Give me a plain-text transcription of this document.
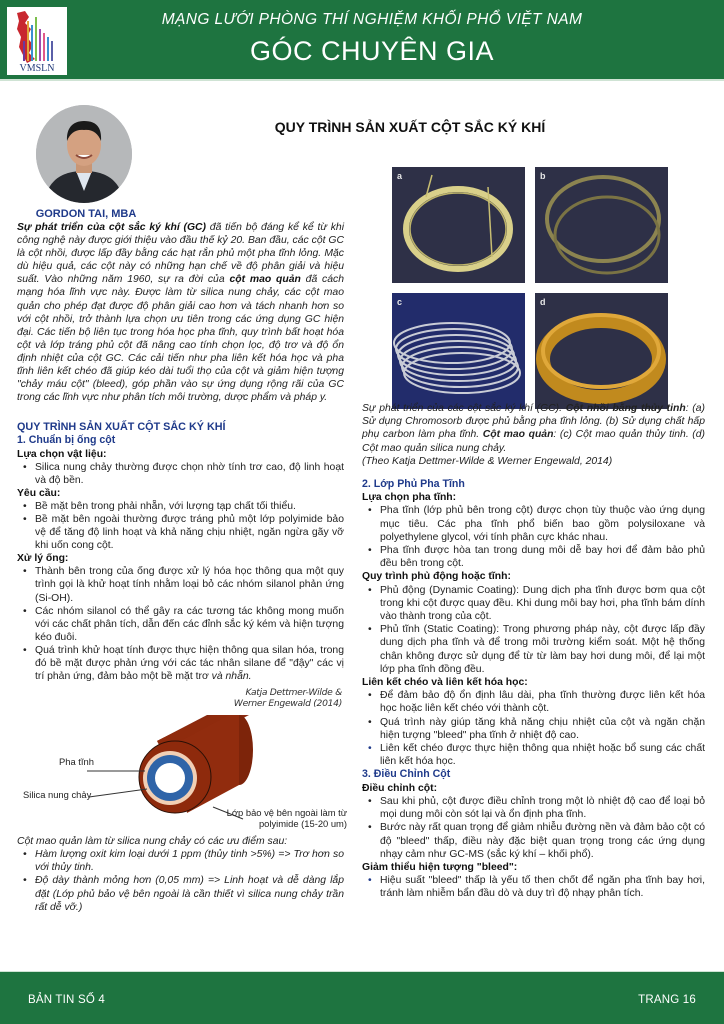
VMSLN
MẠNG LƯỚI PHÒNG THÍ NGHIỆM KHỐI PHỔ VIỆT NAM
GÓC CHUYÊN GIA
GORDON TAI, MBA
QUY TRÌNH SẢN XUẤT CỘT SẮC KÝ KHÍ
a	b
c	d

Sự phát triển của cột sắc ký khí (GC) đã tiến bộ đáng kể kể từ khi công nghệ này được giới thiệu vào đầu thế kỷ 20. Ban đầu, các cột GC là cột nhồi, được lấp đầy bằng các hạt rắn phủ một pha tĩnh lỏng. Mặc dù hiệu quả, các cột này có những hạn chế về độ phân giải và hiệu suất. Vào những năm 1960, sự ra đời của cột mao quản đã cách mạng hóa lĩnh vực này. Được làm từ silica nung chảy, các cột mao quản cho phép đạt được độ phân giải cao hơn và tách nhanh hơn so với cột nhồi, trở thành lựa chọn ưu tiên trong các ứng dụng GC hiện đại. Các tiến bộ liên tục trong hóa học pha tĩnh, quy trình bất hoạt hóa cột và lớp tráng phủ cột đã nâng cao tính chọn lọc, độ trơ và độ ổn định nhiệt của cột GC. Các cải tiến như pha liên kết hóa học và pha tĩnh liên kết chéo đã giúp kéo dài tuổi thọ của cột và giảm hiện tượng "chảy máu cột" (bleed), góp phần vào sự ứng dụng rộng rãi của GC trong các lĩnh vực như phân tích môi trường, dược phẩm và pháp y.

QUY TRÌNH SẢN XUẤT CỘT SẮC KÝ KHÍ
1. Chuẩn bị ống cột
Lựa chọn vật liệu:
• Silica nung chảy thường được chọn nhờ tính trơ cao, độ linh hoạt và độ bền.
Yêu cầu:
• Bề mặt bên trong phải nhẵn, với lượng tạp chất tối thiểu.
• Bề mặt bên ngoài thường được tráng phủ một lớp polyimide bảo vệ để tăng độ linh hoạt và khả năng chịu nhiệt, ngăn ngừa gãy vỡ khi uốn cong cột.
Xử lý ống:
• Thành bên trong của ống được xử lý hóa học thông qua một quy trình gọi là khử hoạt tính nhằm loại bỏ các nhóm silanol phản ứng (Si-OH).
• Các nhóm silanol có thể gây ra các tương tác không mong muốn với các chất phân tích, dẫn đến các đỉnh sắc ký kém và hiện tượng kéo đuôi.
• Quá trình khử hoạt tính được thực hiện thông qua silan hóa, trong đó bề mặt được phản ứng với các tác nhân silane để "đậy" các vị trí phản ứng, đảm bảo một bề mặt trơ và nhẵn.
Katja Dettmer-Wilde & Werner Engewald (2014)
Pha tĩnh
Silica nung chảy
Lớp bảo vệ bên ngoài làm từ polyimide (15-20 um)

Cột mao quản làm từ silica nung chảy có các ưu điểm sau:

• Hàm lượng oxit kim loại dưới 1 ppm (thủy tinh >5%) => Trơ hơn so với thủy tinh.
• Độ dày thành mỏng hơn (0,05 mm) => Linh hoạt và dễ dàng lắp đặt (Lớp phủ bảo vệ bên ngoài là cần thiết vì silica nung chảy trần rất dễ vỡ.)

Sự phát triển của các cột sắc ký khí (GC). Cột nhồi bằng thủy tinh: (a) Sử dụng Chromosorb được phủ bằng pha tĩnh lỏng. (b) Sử dụng chất hấp phụ carbon làm pha tĩnh. Cột mao quản: (c) Cột mao quản thủy tinh. (d) Cột mao quản silica nung chảy.
(Theo Katja Dettmer-Wilde & Werner Engewald, 2014)

2. Lớp Phủ Pha Tĩnh
Lựa chọn pha tĩnh:
• Pha tĩnh (lớp phủ bên trong cột) được chọn tùy thuộc vào ứng dụng mục tiêu. Các pha tĩnh phổ biến bao gồm polysiloxane và polyethylene glycol, với tính phân cực khác nhau.
• Pha tĩnh được hòa tan trong dung môi dễ bay hơi để đảm bảo phủ đều bên trong cột.
Quy trình phủ động hoặc tĩnh:
• Phủ động (Dynamic Coating): Dung dịch pha tĩnh được bơm qua cột trong khi cột được quay đều. Khi dung môi bay hơi, pha tĩnh bám dính vào thành trong của cột.
• Phủ tĩnh (Static Coating): Trong phương pháp này, cột được lấp đầy dung dịch pha tĩnh và để trong môi trường kiểm soát. Một hệ thống chân không được sử dụng để từ từ làm bay hơi dung môi, để lại một lớp pha tĩnh đồng đều.
Liên kết chéo và liên kết hóa học:
• Để đảm bảo độ ổn định lâu dài, pha tĩnh thường được liên kết hóa học hoặc liên kết chéo với thành cột.
• Quá trình này giúp tăng khả năng chịu nhiệt của cột và ngăn chặn hiện tượng "bleed" pha tĩnh ở nhiệt độ cao.
• Liên kết chéo được thực hiện thông qua nhiệt hoặc bổ sung các chất liên kết hóa học.
3. Điều Chỉnh Cột
Điều chỉnh cột:
• Sau khi phủ, cột được điều chỉnh trong một lò nhiệt độ cao để loại bỏ mọi dung môi còn sót lại và ổn định pha tĩnh.
• Bước này rất quan trọng để giảm nhiễu đường nền và đảm bảo cột có độ "bleed" thấp, điều này đặc biệt quan trọng trong các ứng dụng nhạy cảm như GC-MS (sắc ký khí – khối phổ).
Giảm thiểu hiện tượng "bleed":
• Hiệu suất "bleed" thấp là yếu tố then chốt để ngăn pha tĩnh bay hơi, tránh làm nhiễm bẩn đầu dò và duy trì độ nhạy phân tích.
BẢN TIN SỐ 4	TRANG 16
